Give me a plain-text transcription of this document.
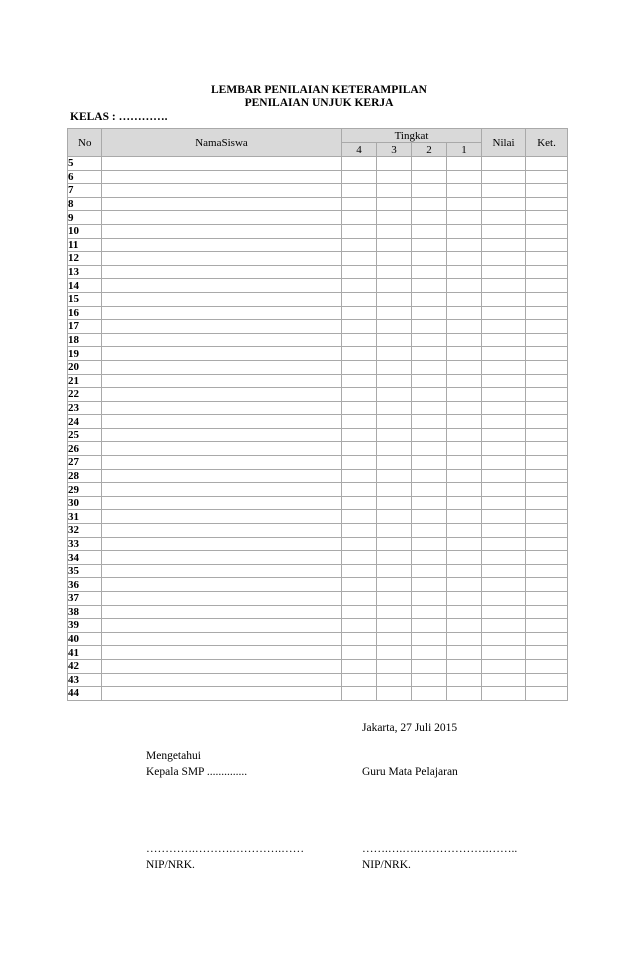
LEMBAR PENILAIAN KETERAMPILAN
PENILAIAN UNJUK KERJA
KELAS : ………….
No	NamaSiswa	Tingkat				Nilai	Ket.
		4	3	2	1		
5							
6							
7							
8							
9							
10							
11							
12							
13							
14							
15							
16							
17							
18							
19							
20							
21							
22							
23							
24							
25							
26							
27							
28							
29							
30							
31							
32							
33							
34							
35							
36							
37							
38							
39							
40							
41							
42							
43							
44							
Jakarta, 27 Juli 2015
Mengetahui
Kepala SMP ..............	Guru Mata Pelajaran
………….……….………….……	…….….….……………….……..
NIP/NRK.	NIP/NRK.
